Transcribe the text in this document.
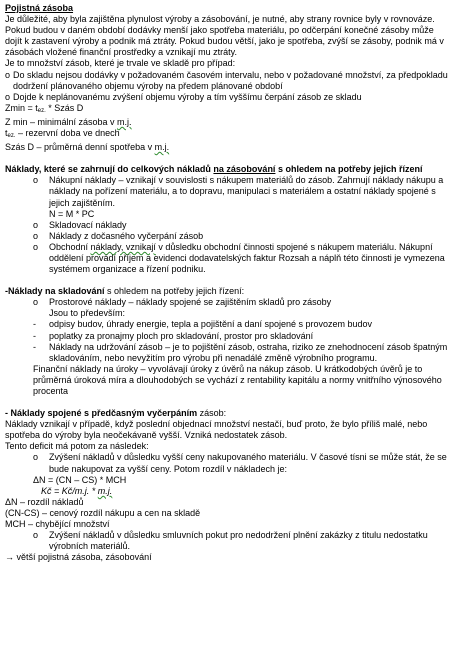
Pojistná zásoba
Je důležité, aby byla zajištěna plynulost výroby a zásobování, je nutné, aby strany rovnice byly v rovnováze. Pokud budou v daném období dodávky menší jako spotřeba materiálu, po odčerpání konečné zásoby může dojít k zastavení výroby a podnik má ztráty. Pokud budou větší, jako je spotřeba, zvýší se zásoby, podnik má v zásobách vložené finanční prostředky a vznikají mu ztráty.
Je to množství zásob, které je trvale ve skladě pro případ:
o Do skladu nejsou dodávky v požadovaném časovém intervalu, nebo v požadované množství, za předpokladu dodržení plánovaného objemu výroby na předem plánované období
o Dojde k neplánovanému zvýšení objemu výroby a tím vyššímu čerpání zásob ze skladu
Zmin = tez. * Szás D
Z min – minimální zásoba v m.j.
tez. – rezervní doba ve dnech
Szás D – průměrná denní spotřeba v m.j.
Náklady, které se zahrnují do celkových nákladů na zásobování s ohledem na potřeby jejich řízení
o Nákupní náklady – vznikají v souvislosti s nákupem materiálů do zásob. Zahrnují náklady nákupu a náklady na pořízení materiálu, a to dopravu, manipulaci s materiálem a ostatní náklady spojené s jejich zajištěním.
N = M * PC
o Skladovací náklady
o Náklady z dočasného vyčerpání zásob
o Obchodní náklady, vznikají v důsledku obchodní činnosti spojené s nákupem materiálu. Nákupní oddělení provádí příjem a evidenci dodavatelských faktur Rozsah a náplň této činnosti je vymezena systémem organizace a řízení podniku.
-Náklady na skladování s ohledem na potřeby jejich řízení:
o Prostorové náklady – náklady spojené se zajištěním skladů pro zásoby
Jsou to především:
- odpisy budov, úhrady energie, tepla a pojištění a daní spojené s provozem budov
- poplatky za pronajmy ploch pro skladování, prostor pro skladování
- Náklady na udržování zásob – je to pojištění zásob, ostraha, riziko ze znehodnocení zásob špatným skladováním, nebo nevyžitím pro výrobu při nenadálé změně výrobního programu.
Finanční náklady na úroky – vyvolávají úroky z úvěrů na nákup zásob. U krátkodobých úvěrů je to průměrná úroková míra a dlouhodobých se vychází z rentability kapitálu a normy vnitřního výnosového procenta
- Náklady spojené s předčasným vyčerpáním zásob:
Náklady vznikají v případě, když poslední objednací množství nestačí, buď proto, že bylo příliš malé, nebo spotřeba do výroby byla neočekávaně vyšší. Vzniká nedostatek zásob.
Tento deficit má potom za následek:
o Zvýšení nákladů v důsledku vyšší ceny nakupovaného materiálu. V časové tísni se může stát, že se bude nakupovat za vyšší ceny. Potom rozdíl v nákladech je:
ΔN = (CN – CS) * MCH
Kč = Kč/m.j. * m.j.
ΔN – rozdíl nákladů
(CN-CS) – cenový rozdíl nákupu a cen na skladě
MCH – chybějící množství
o Zvýšení nákladů v důsledku smluvních pokut pro nedodržení plnění zakázky z titulu nedostatku výrobních materiálů.
→ větší pojistná zásoba, zásobování
